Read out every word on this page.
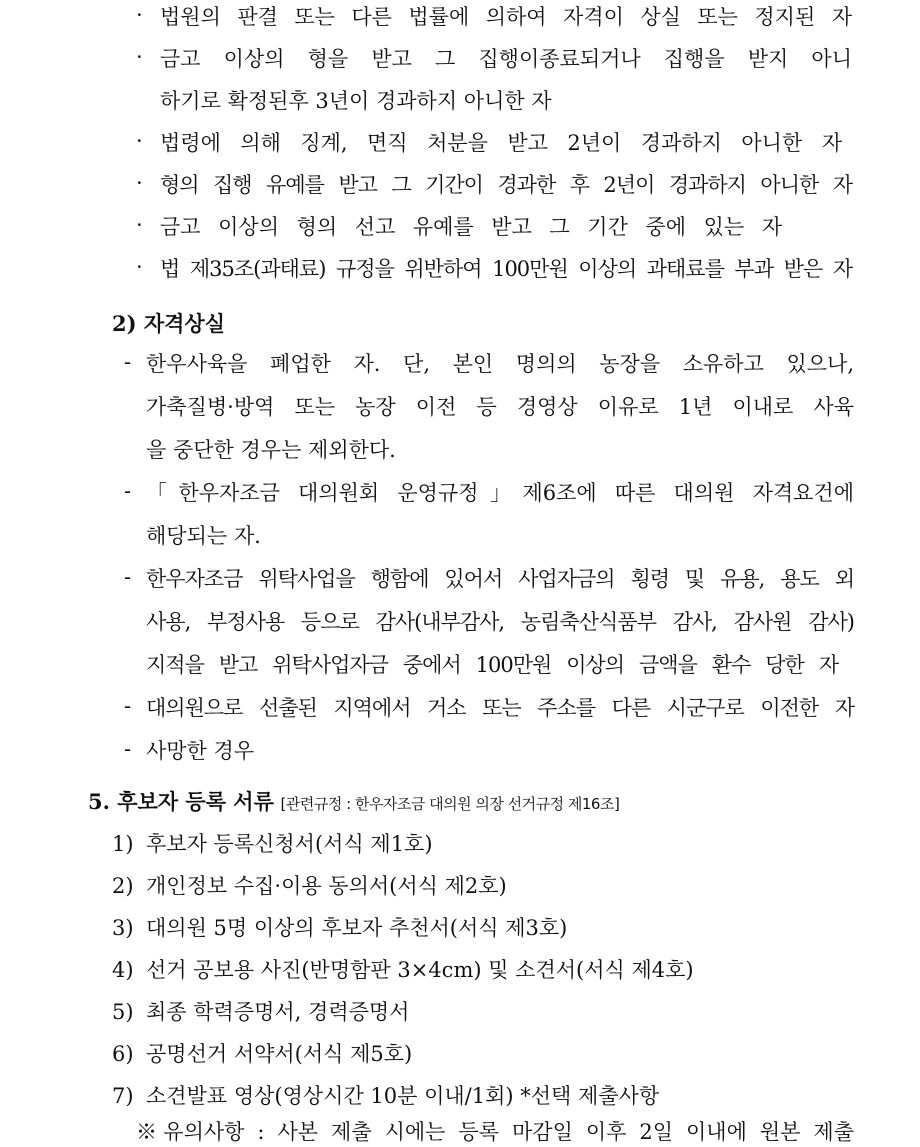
· 법원의 판결 또는 다른 법률에 의하여 자격이 상실 또는 정지된 자
· 금고 이상의 형을 받고 그 집행이종료되거나 집행을 받지 아니
하기로 확정된후 3년이 경과하지 아니한 자
· 법령에 의해 징계, 면직 처분을 받고 2년이 경과하지 아니한 자
· 형의 집행 유예를 받고 그 기간이 경과한 후 2년이 경과하지 아니한 자
· 금고 이상의 형의 선고 유예를 받고 그 기간 중에 있는 자
· 법 제35조(과태료) 규정을 위반하여 100만원 이상의 과태료를 부과 받은 자
2) 자격상실
- 한우사육을 폐업한 자. 단, 본인 명의의 농장을 소유하고 있으나,
가축질병·방역 또는 농장 이전 등 경영상 이유로 1년 이내로 사육
을 중단한 경우는 제외한다.
- 「한우자조금 대의원회 운영규정」제6조에 따른 대의원 자격요건에
해당되는 자.
- 한우자조금 위탁사업을 행함에 있어서 사업자금의 횡령 및 유용, 용도 외
사용, 부정사용 등으로 감사(내부감사, 농림축산식품부 감사, 감사원 감사)
지적을 받고 위탁사업자금 중에서 100만원 이상의 금액을 환수 당한 자
- 대의원으로 선출된 지역에서 거소 또는 주소를 다른 시군구로 이전한 자
- 사망한 경우
5. 후보자 등록 서류 [관련규정 : 한우자조금 대의원 의장 선거규정 제16조]
1) 후보자 등록신청서(서식 제1호)
2) 개인정보 수집·이용 동의서(서식 제2호)
3) 대의원 5명 이상의 후보자 추천서(서식 제3호)
4) 선거 공보용 사진(반명함판 3×4cm) 및 소견서(서식 제4호)
5) 최종 학력증명서, 경력증명서
6) 공명선거 서약서(서식 제5호)
7) 소견발표 영상(영상시간 10분 이내/1회) *선택 제출사항
※유의사항 : 사본 제출 시에는 등록 마감일 이후 2일 이내에 원본 제출
